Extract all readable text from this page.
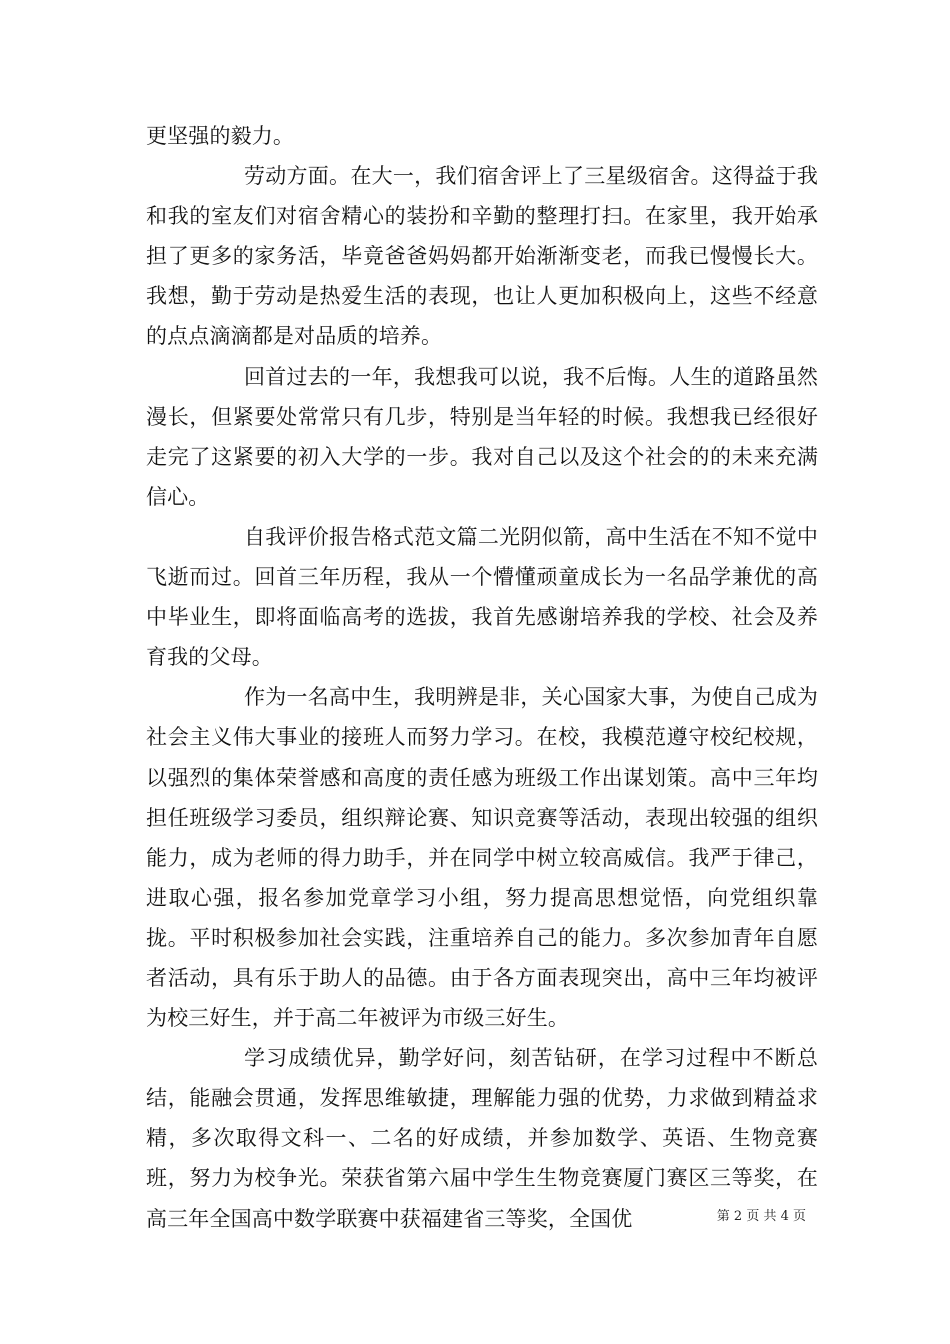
更坚强的毅力。

劳动方面。在大一，我们宿舍评上了三星级宿舍。这得益于我和我的室友们对宿舍精心的装扮和辛勤的整理打扫。在家里，我开始承担了更多的家务活，毕竟爸爸妈妈都开始渐渐变老，而我已慢慢长大。我想，勤于劳动是热爱生活的表现，也让人更加积极向上，这些不经意的点点滴滴都是对品质的培养。

回首过去的一年，我想我可以说，我不后悔。人生的道路虽然漫长，但紧要处常常只有几步，特别是当年轻的时候。我想我已经很好走完了这紧要的初入大学的一步。我对自己以及这个社会的的未来充满信心。

自我评价报告格式范文篇二光阴似箭，高中生活在不知不觉中飞逝而过。回首三年历程，我从一个懵懂顽童成长为一名品学兼优的高中毕业生，即将面临高考的选拔，我首先感谢培养我的学校、社会及养育我的父母。

作为一名高中生，我明辨是非，关心国家大事，为使自己成为社会主义伟大事业的接班人而努力学习。在校，我模范遵守校纪校规，以强烈的集体荣誉感和高度的责任感为班级工作出谋划策。高中三年均担任班级学习委员，组织辩论赛、知识竞赛等活动，表现出较强的组织能力，成为老师的得力助手，并在同学中树立较高威信。我严于律己，进取心强，报名参加党章学习小组，努力提高思想觉悟，向党组织靠拢。平时积极参加社会实践，注重培养自己的能力。多次参加青年自愿者活动，具有乐于助人的品德。由于各方面表现突出，高中三年均被评为校三好生，并于高二年被评为市级三好生。

学习成绩优异，勤学好问，刻苦钻研，在学习过程中不断总结，能融会贯通，发挥思维敏捷，理解能力强的优势，力求做到精益求精，多次取得文科一、二名的好成绩，并参加数学、英语、生物竞赛班，努力为校争光。荣获省第六届中学生生物竞赛厦门赛区三等奖，在高三年全国高中数学联赛中获福建省三等奖，全国优	第 2 页 共 4 页
